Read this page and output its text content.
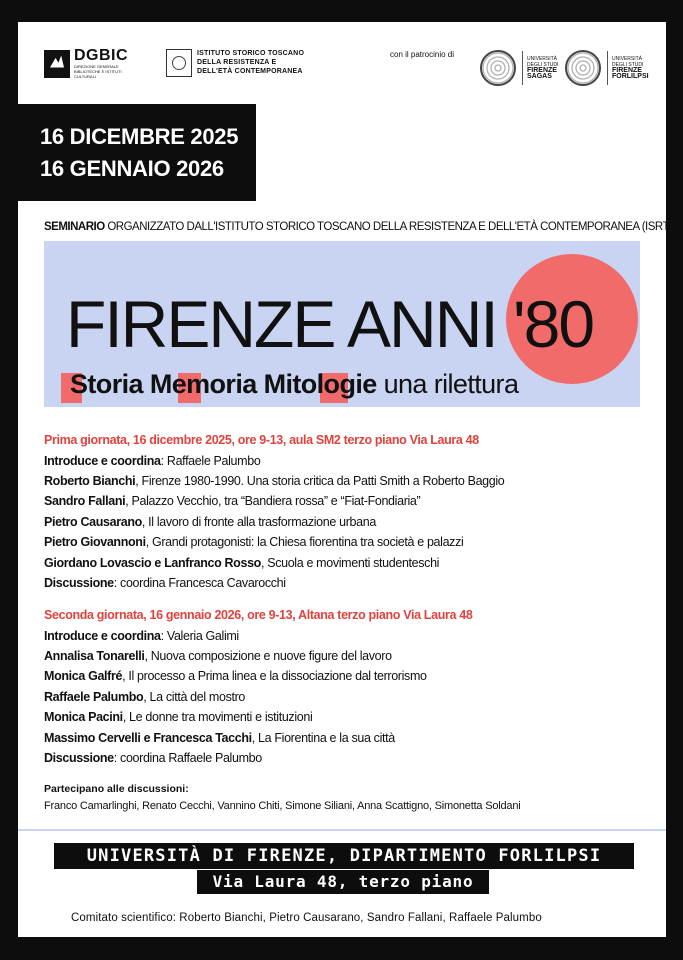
DGBIC
DIREZIONE GENERALE BIBLIOTECHE E ISTITUTI CULTURALI
ISTITUTO STORICO TOSCANO
DELLA RESISTENZA E
DELL'ETÀ CONTEMPORANEA
con il patrocinio di	UNIVERSITÀ
DEGLI STUDI
FIRENZE
SAGAS
UNIVERSITÀ
DEGLI STUDI
FIRENZE
FORLILPSI
16 DICEMBRE 2025
16 GENNAIO 2026
SEMINARIO ORGANIZZATO DALL'ISTITUTO STORICO TOSCANO DELLA RESISTENZA E DELL'ETÀ CONTEMPORANEA (ISRT)
FIRENZE ANNI '80
Storia Memoria Mitologie una rilettura
Prima giornata, 16 dicembre 2025, ore 9-13, aula SM2 terzo piano Via Laura 48
Introduce e coordina: Raffaele Palumbo
Roberto Bianchi, Firenze 1980-1990. Una storia critica da Patti Smith a Roberto Baggio
Sandro Fallani, Palazzo Vecchio, tra “Bandiera rossa” e “Fiat-Fondiaria”
Pietro Causarano, Il lavoro di fronte alla trasformazione urbana
Pietro Giovannoni, Grandi protagonisti: la Chiesa fiorentina tra società e palazzi
Giordano Lovascio e Lanfranco Rosso, Scuola e movimenti studenteschi
Discussione: coordina Francesca Cavarocchi
Seconda giornata, 16 gennaio 2026, ore 9-13, Altana terzo piano Via Laura 48
Introduce e coordina: Valeria Galimi
Annalisa Tonarelli, Nuova composizione e nuove figure del lavoro
Monica Galfré, Il processo a Prima linea e la dissociazione dal terrorismo
Raffaele Palumbo, La città del mostro
Monica Pacini, Le donne tra movimenti e istituzioni
Massimo Cervelli e Francesca Tacchi, La Fiorentina e la sua città
Discussione: coordina Raffaele Palumbo
Partecipano alle discussioni:
Franco Camarlinghi, Renato Cecchi, Vannino Chiti, Simone Siliani, Anna Scattigno, Simonetta Soldani
UNIVERSITÀ DI FIRENZE, DIPARTIMENTO FORLILPSI
Via Laura 48, terzo piano
Comitato scientifico: Roberto Bianchi, Pietro Causarano, Sandro Fallani, Raffaele Palumbo
